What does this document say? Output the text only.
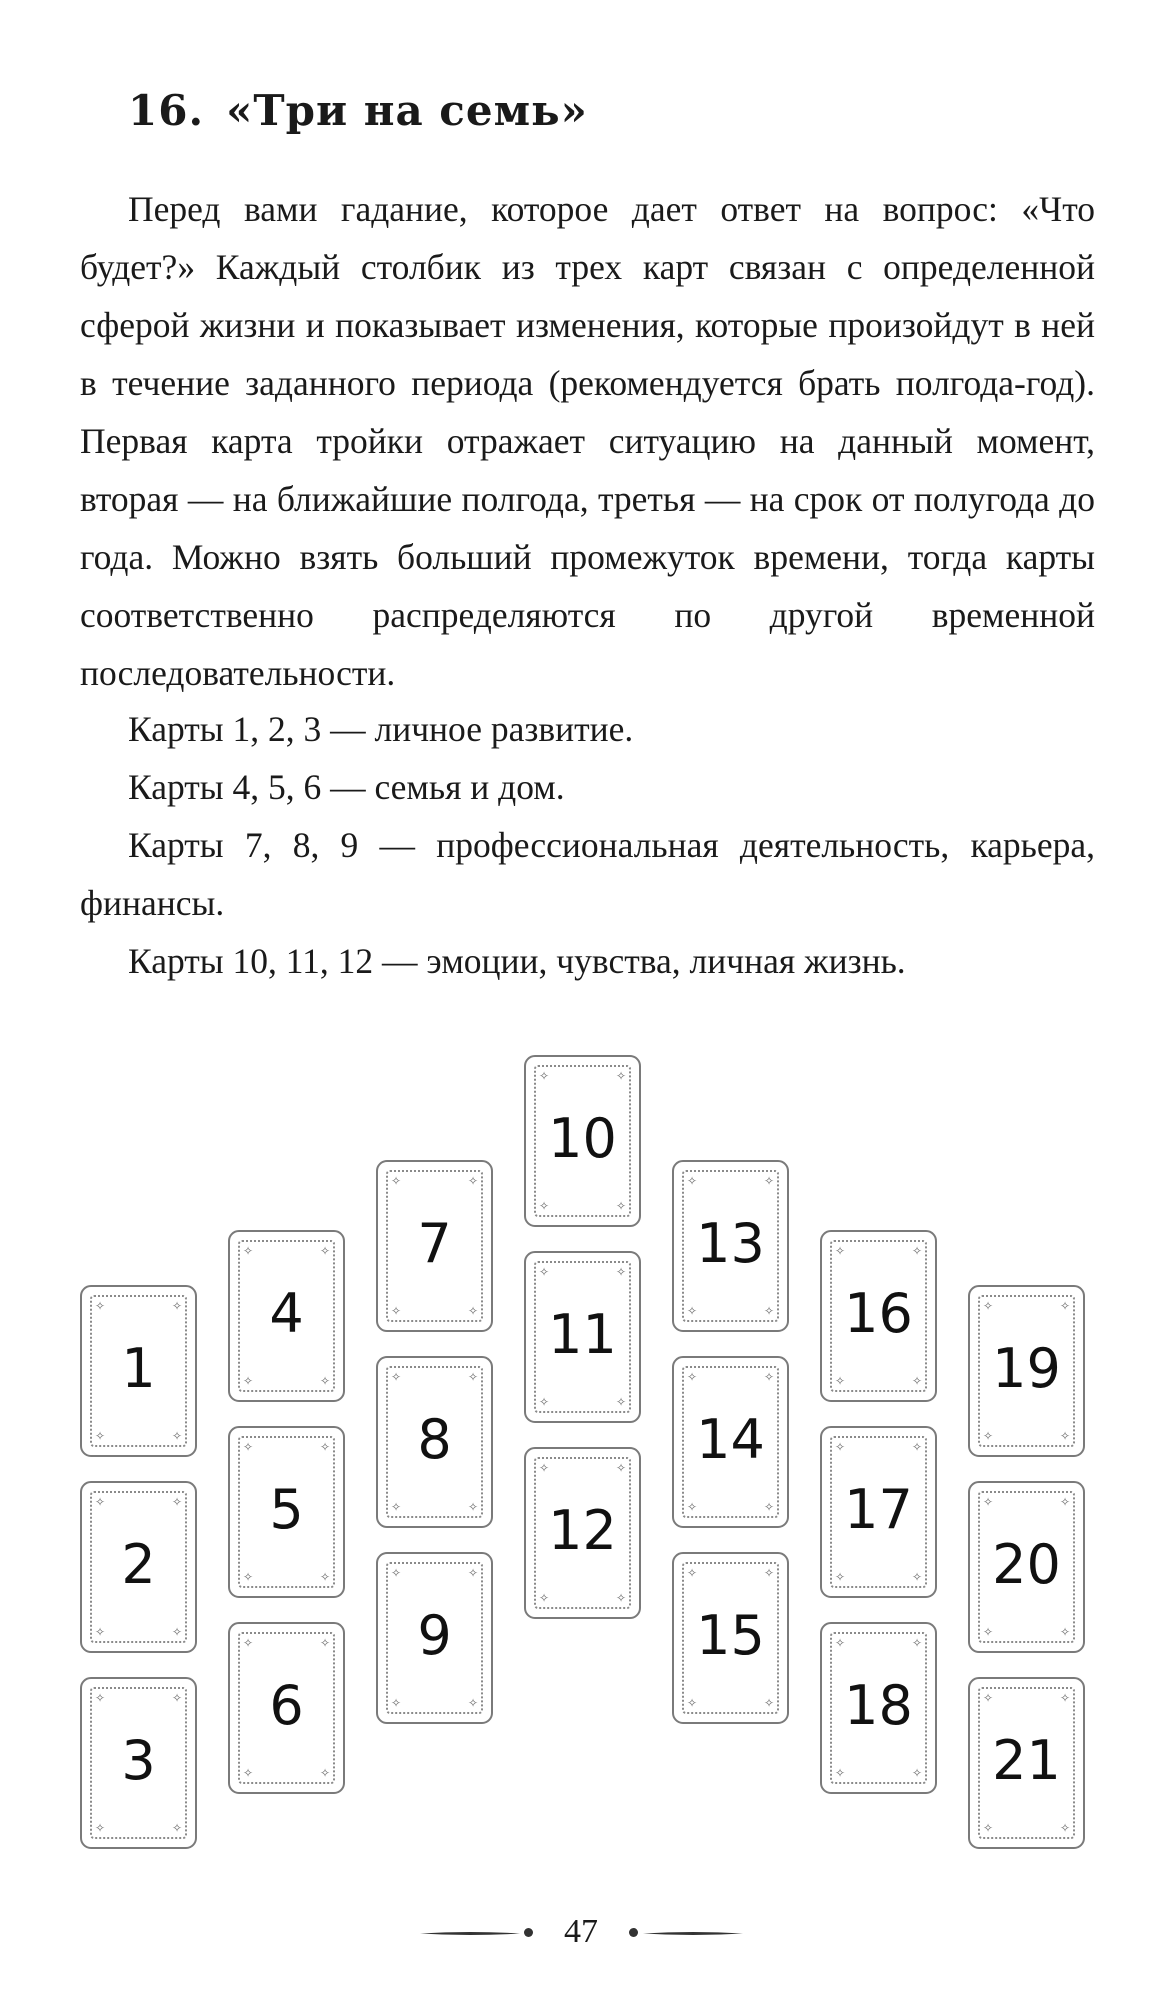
16. «Три на семь»

Перед вами гадание, которое дает ответ на вопрос: «Что будет?» Каждый столбик из трех карт связан с определенной сферой жизни и показывает изменения, которые произойдут в ней в течение заданного периода (рекомендуется брать полгода-год). Первая карта тройки отражает ситуацию на данный момент, вторая — на ближайшие полгода, третья — на срок от полугода до года. Можно взять больший промежуток времени, тогда карты соответственно распределяются по другой временной последовательности.

Карты 1, 2, 3 — личное развитие.
Карты 4, 5, 6 — семья и дом.
Карты 7, 8, 9 — профессиональная деятельность, карьера, финансы.
Карты 10, 11, 12 — эмоции, чувства, личная жизнь.
✧	✧
✧	✧
1
✧	✧
✧	✧
2
✧	✧
✧	✧
3
✧	✧
✧	✧
4
✧	✧
✧	✧
5
✧	✧
✧	✧
6
✧	✧
✧	✧
7
✧	✧
✧	✧
8
✧	✧
✧	✧
9
✧	✧
✧	✧
10
✧	✧
✧	✧
11
✧	✧
✧	✧
12
✧	✧
✧	✧
13
✧	✧
✧	✧
14
✧	✧
✧	✧
15
✧	✧
✧	✧
16
✧	✧
✧	✧
17
✧	✧
✧	✧
18
✧	✧
✧	✧
19
✧	✧
✧	✧
20
✧	✧
✧	✧
21
47
